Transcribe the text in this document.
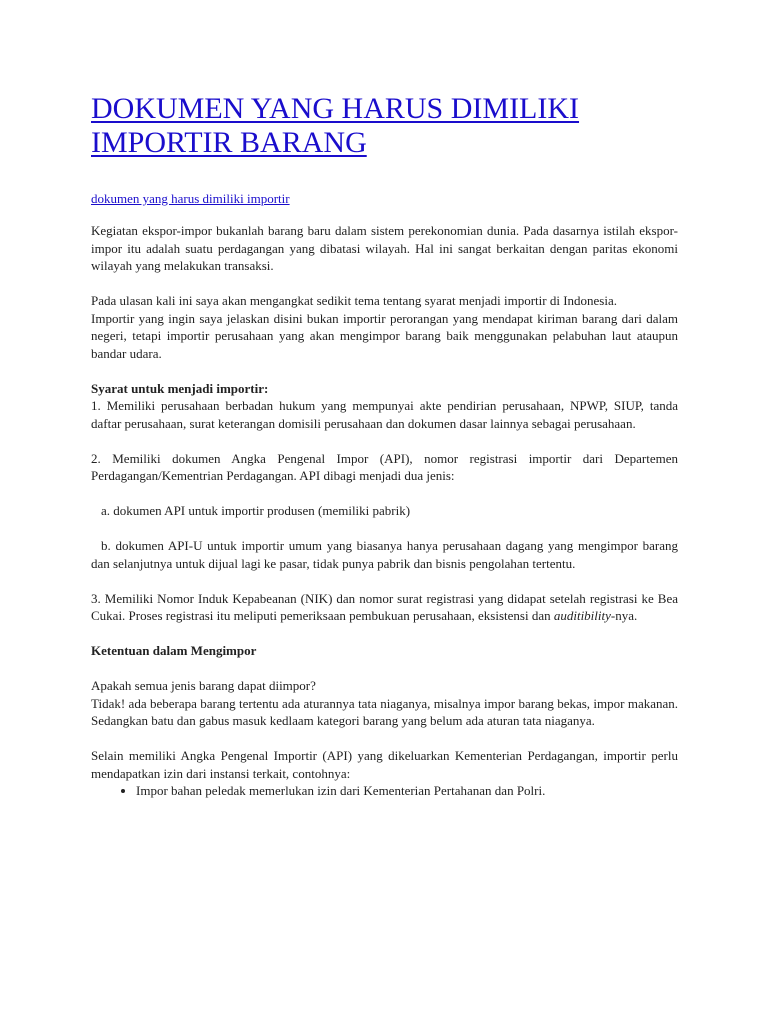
DOKUMEN YANG HARUS DIMILIKI
IMPORTIR BARANG
dokumen yang harus dimiliki importir

Kegiatan ekspor-impor bukanlah barang baru dalam sistem perekonomian dunia. Pada dasarnya istilah ekspor-impor itu adalah suatu perdagangan yang dibatasi wilayah. Hal ini sangat berkaitan dengan paritas ekonomi wilayah yang melakukan transaksi.

Pada ulasan kali ini saya akan mengangkat sedikit tema tentang syarat menjadi importir di Indonesia.

Importir yang ingin saya jelaskan disini bukan importir perorangan yang mendapat kiriman barang dari dalam negeri, tetapi importir perusahaan yang akan mengimpor barang baik menggunakan pelabuhan laut ataupun bandar udara.

Syarat untuk menjadi importir:

1. Memiliki perusahaan berbadan hukum yang mempunyai akte pendirian perusahaan, NPWP, SIUP, tanda daftar perusahaan, surat keterangan domisili perusahaan dan dokumen dasar lainnya sebagai perusahaan.

2. Memiliki dokumen Angka Pengenal Impor (API), nomor registrasi importir dari Departemen Perdagangan/Kementrian Perdagangan. API dibagi menjadi dua jenis:

a. dokumen API untuk importir produsen (memiliki pabrik)

b. dokumen API-U untuk importir umum yang biasanya hanya perusahaan dagang yang mengimpor barang dan selanjutnya untuk dijual lagi ke pasar, tidak punya pabrik dan bisnis pengolahan tertentu.

3. Memiliki Nomor Induk Kepabeanan (NIK) dan nomor surat registrasi yang didapat setelah registrasi ke Bea Cukai. Proses registrasi itu meliputi pemeriksaan pembukuan perusahaan, eksistensi dan auditibility-nya.

Ketentuan dalam Mengimpor

Apakah semua jenis barang dapat diimpor?

Tidak! ada beberapa barang tertentu ada aturannya tata niaganya, misalnya impor barang bekas, impor makanan. Sedangkan batu dan gabus masuk kedlaam kategori barang yang belum ada aturan tata niaganya.

Selain memiliki Angka Pengenal Importir (API) yang dikeluarkan Kementerian Perdagangan, importir perlu mendapatkan izin dari instansi terkait, contohnya:

• Impor bahan peledak memerlukan izin dari Kementerian Pertahanan dan Polri.
